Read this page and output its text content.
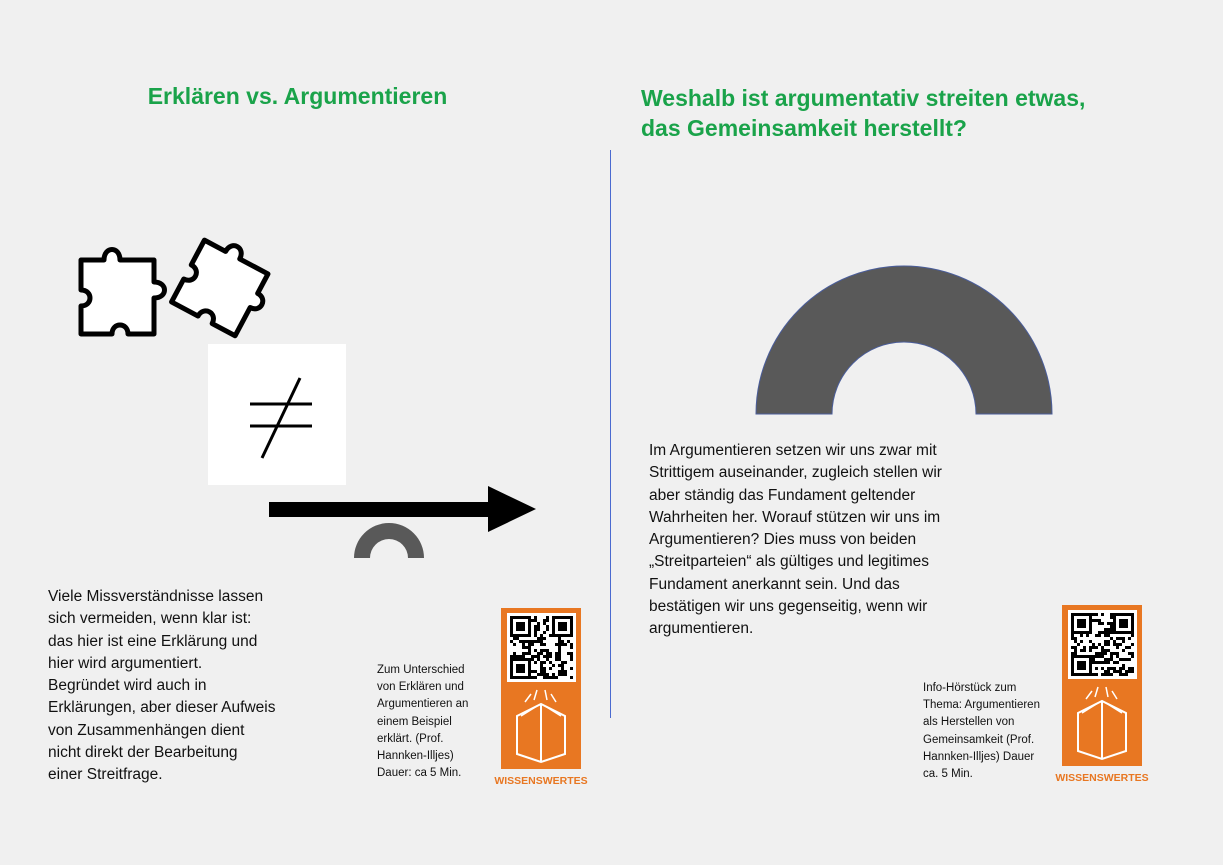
Erklären vs. Argumentieren
Viele Missverständnisse lassen
sich vermeiden, wenn klar ist:
das hier ist eine Erklärung und
hier wird argumentiert.
Begründet wird auch in
Erklärungen, aber dieser Aufweis
von Zusammenhängen dient
nicht direkt der Bearbeitung
einer Streitfrage.
Zum Unterschied
von Erklären und
Argumentieren an
einem Beispiel
erklärt. (Prof.
Hannken-Illjes)
Dauer: ca 5 Min.
WISSENSWERTES
Weshalb ist argumentativ streiten etwas,
das Gemeinsamkeit herstellt?
Im Argumentieren setzen wir uns zwar mit
Strittigem auseinander, zugleich stellen wir
aber ständig das Fundament geltender
Wahrheiten her. Worauf stützen wir uns im
Argumentieren? Dies muss von beiden
„Streitparteien“ als gültiges und legitimes
Fundament anerkannt sein. Und das
bestätigen wir uns gegenseitig, wenn wir
argumentieren.
Info-Hörstück zum
Thema: Argumentieren
als Herstellen von
Gemeinsamkeit (Prof.
Hannken-Illjes) Dauer
ca. 5 Min.	WISSENSWERTES
